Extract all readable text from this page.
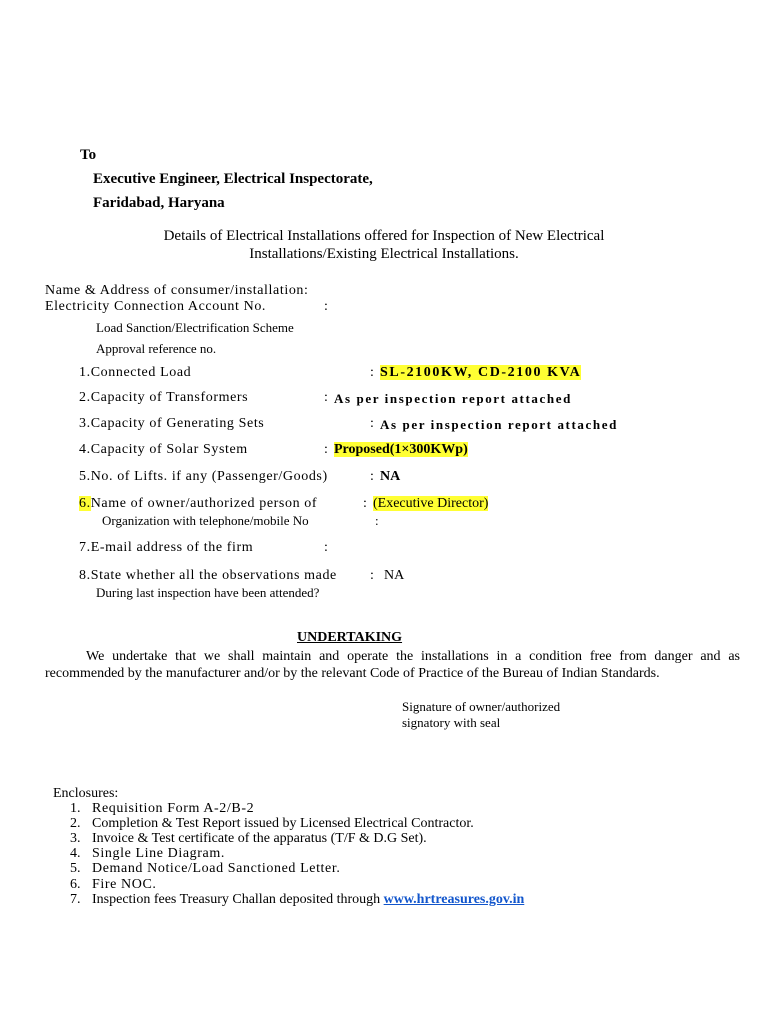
To
Executive Engineer, Electrical Inspectorate,
Faridabad, Haryana
Details of Electrical Installations offered for Inspection of New Electrical
Installations/Existing Electrical Installations.
Name & Address of consumer/installation:
Electricity Connection Account No.	:
Load Sanction/Electrification Scheme
Approval reference no.
1.Connected Load	: SL-2100KW, CD-2100 KVA
2.Capacity of Transformers	: As per inspection report attached
3.Capacity of Generating Sets	: As per inspection report attached
4.Capacity of Solar System	: Proposed(1×300KWp)
5.No. of Lifts. if any (Passenger/Goods)	: NA
6.Name of owner/authorized person of	: (Executive Director)
Organization with telephone/mobile No	:
7.E-mail address of the firm	:
8.State whether all the observations made : NA
During last inspection have been attended?
UNDERTAKING
We undertake that we shall maintain and operate the installations in a condition free from danger and as recommended by the manufacturer and/or by the relevant Code of Practice of the Bureau of Indian Standards.
Signature of owner/authorized
signatory with seal
Enclosures:
1. Requisition Form A-2/B-2
2. Completion & Test Report issued by Licensed Electrical Contractor.
3. Invoice & Test certificate of the apparatus (T/F & D.G Set).
4. Single Line Diagram.
5. Demand Notice/Load Sanctioned Letter.
6. Fire NOC.
7. Inspection fees Treasury Challan deposited through www.hrtreasures.gov.in
